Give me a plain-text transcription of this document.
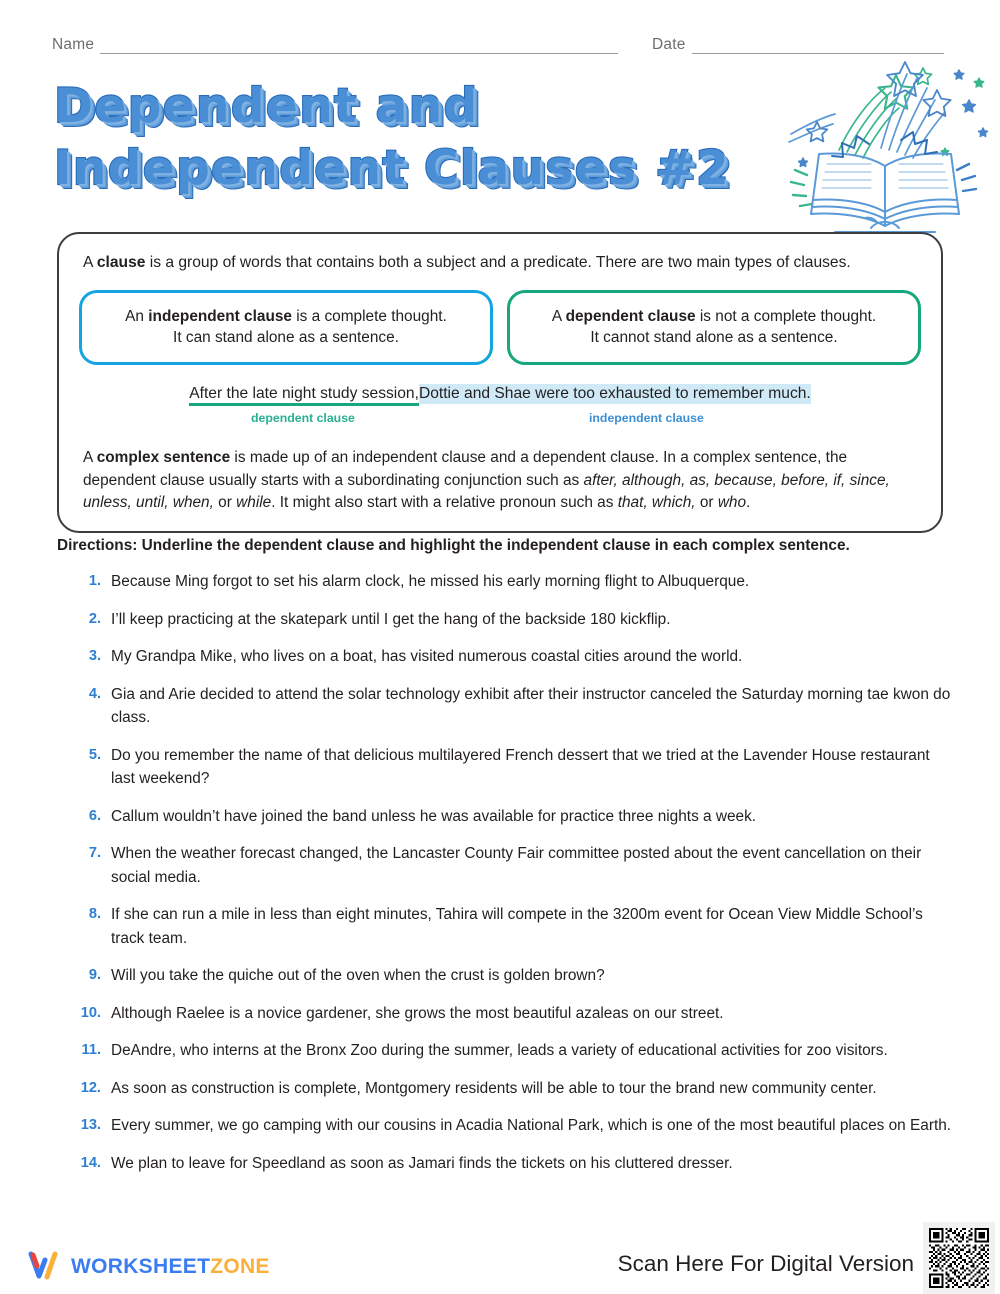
Name	Date
Dependent and
Independent Clauses #2
A clause is a group of words that contains both a subject and a predicate. There are two main types of clauses.
An independent clause is a complete thought.
It can stand alone as a sentence.
A dependent clause is not a complete thought.
It cannot stand alone as a sentence.
After the late night study session,Dottie and Shae were too exhausted to remember much.
dependent clause	independent clause
A complex sentence is made up of an independent clause and a dependent clause. In a complex sentence, the dependent clause usually starts with a subordinating conjunction such as after, although, as, because, before, if, since, unless, until, when, or while. It might also start with a relative pronoun such as that, which, or who.
Directions: Underline the dependent clause and highlight the independent clause in each complex sentence.
1. Because Ming forgot to set his alarm clock, he missed his early morning flight to Albuquerque.
2. I’ll keep practicing at the skatepark until I get the hang of the backside 180 kickflip.
3. My Grandpa Mike, who lives on a boat, has visited numerous coastal cities around the world.
4. Gia and Arie decided to attend the solar technology exhibit after their instructor canceled the Saturday morning tae kwon do class.
5. Do you remember the name of that delicious multilayered French dessert that we tried at the Lavender House restaurant last weekend?
6. Callum wouldn’t have joined the band unless he was available for practice three nights a week.
7. When the weather forecast changed, the Lancaster County Fair committee posted about the event cancellation on their social media.
8. If she can run a mile in less than eight minutes, Tahira will compete in the 3200m event for Ocean View Middle School’s track team.
9. Will you take the quiche out of the oven when the crust is golden brown?
10. Although Raelee is a novice gardener, she grows the most beautiful azaleas on our street.
11. DeAndre, who interns at the Bronx Zoo during the summer, leads a variety of educational activities for zoo visitors.
12. As soon as construction is complete, Montgomery residents will be able to tour the brand new community center.
13. Every summer, we go camping with our cousins in Acadia National Park, which is one of the most beautiful places on Earth.
14. We plan to leave for Speedland as soon as Jamari finds the tickets on his cluttered dresser.
WORKSHEETZONE	Scan Here For Digital Version
